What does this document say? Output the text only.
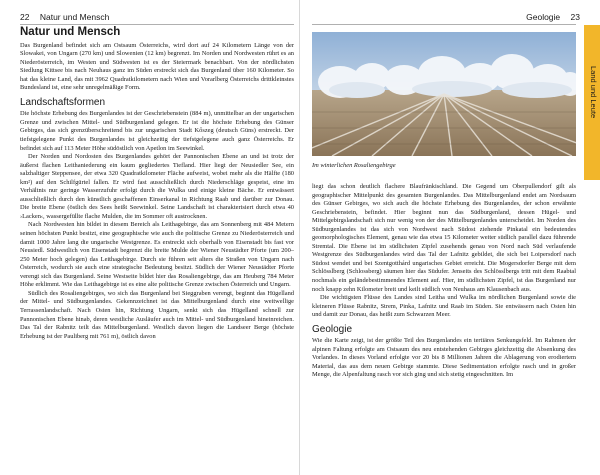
22 Natur und Mensch
Natur und Mensch

Das Burgenland befindet sich am Ostsaum Österreichs, wird dort auf 24 Kilometern Länge von der Slowakei, von Ungarn (270 km) und Slowenien (12 km) begrenzt. Im Norden und Nordwesten rührt es an Niederösterreich, im Westen und Südwesten ist es der Steiermark benachbart. Von der nördlichsten Siedlung Kittsee bis nach Neuhaus ganz im Süden erstreckt sich das Burgenland über 160 Kilometer. So hat das kleine Land, das mit 3962 Quadratkilometern nach Wien und Vorarlberg Österreichs drittkleinstes Bundesland ist, eine sehr unregelmäßige Form.

Landschaftsformen

Die höchste Erhebung des Burgenlandes ist der Geschriebenstein (884 m), unmittelbar an der ungarischen Grenze und zwischen Mittel- und Südburgenland gelegen. Er ist die höchste Erhebung des Günser Gebirges, das sich grenzüberschreitend bis zur ungarischen Stadt Kőszeg (deutsch Güns) erstreckt. Der tiefstgelegene Punkt des Burgenlandes ist gleichzeitig der tiefstgelegene auch ganz Österreichs. Er befindet sich auf 113 Meter Höhe südöstlich von Apetlon im Seewinkel.

Der Norden und Nordosten des Burgenlandes gehört der Pannonischen Ebene an und ist trotz der äußerst flachen Leithaniederung ein kaum gegliedertes Tiefland. Hier liegt der Neusiedler See, ein salzhaltiger Steppensee, der etwa 320 Quadratkilometer Fläche aufweist, wobei mehr als die Hälfte (180 km²) auf den Schilfgürtel fallen. Er wird fast ausschließlich durch Niederschläge gespeist, eine im Verhältnis nur geringe Wasserzufuhr erfolgt durch die Wulka und einige kleine Bäche. Er entwässert ausschließlich durch den künstlich geschaffenen Einserkanal in Richtung Raab und darüber zur Donau. Die breite Ebene (östlich des Sees heißt Seewinkel. Seine Landschaft ist charakterisiert durch etwa 40 ›Lacken‹, wassergefüllte flache Mulden, die im Sommer oft austrocknen.

Nach Nordwesten hin bildet in diesem Bereich als Leithagebirge, das am Sonnenberg mit 484 Metern seinen höchsten Punkt besitzt, eine geographische wie auch die politische Grenze zu Niederösterreich und damit 1000 Jahre lang die ungarische Westgrenze. Es erstreckt sich oberhalb von Eisenstadt bis fast vor Neusiedl. Südwestlich von Eisenstadt begrenzt die breite Mulde der Wiener Neustädter Pforte (um 200–250 Meter hoch gelegen) das Leithagebirge. Durch sie führen seit alters die Straßen von Ungarn nach Österreich, wodurch sie auch eine strategische Bedeutung besitzt. Südlich der Wiener Neustädter Pforte verengt sich das Burgenland. Seine Westseite bildet hier das Rosaliengebirge, das am Heuberg 784 Meter Höhe erklimmt. Wie das Leithagebirge ist es eine alte politische Grenze zwischen Österreich und Ungarn.

Südlich des Rosaliengebirges, wo sich das Burgenland bei Sieggraben verengt, beginnt das Hügelland der Mittel- und Südburgenlandes. Gekennzeichnet ist das Mittelburgenland durch eine weitwellige Terrassenlandschaft. Nach Osten hin, Richtung Ungarn, senkt sich das Hügelland schnell zur Pannonischen Ebene hinab, deren westliche Ausläufer auch im Mittel- und Südburgenland hineinreichen. Das Tal der Rabnitz teilt das Mittelburgenland. Westlich davon liegen die Landseer Berge (höchste Erhebung ist der Pauliberg mit 761 m), östlich davon

Geologie 23
Im winterlichen Rosaliengebirge

liegt das schon deutlich flachere Blaufränkischland. Die Gegend um Oberpullendorf gilt als geographischer Mittelpunkt des gesamten Burgenlandes. Das Mittelburgenland endet am Nordsaum des Günser Gebirges, wo sich auch die höchste Erhebung des Burgenlandes, der schon erwähnte Geschriebenstein, befindet. Hier beginnt nun das Südburgenland, dessen Hügel- und Mittelgebirgslandschaft sich nur wenig von der des Mittelburgenlandes unterscheidet. Im Norden des Südburgenlandes ist das sich von Nordwest nach Südost ziehende Pinkatal ein bedeutendes geomorphologisches Element, genau wie das etwa 15 Kilometer weiter südlich parallel dazu führende Stremtal. Die Ebene ist im südlichsten Zipfel zusehends genau von Nord nach Süd verlaufende Westgrenze des Südburgenlandes wird das Tal der Lafnitz gebildet, die sich bei Loipersdorf nach Südost wendet und bei Szentgotthárd ungarisches Gebiet erreicht. Die Mogersdorfer Berge mit dem Schlösslberg (Schlossberg) säumen hier das Südufer. Jenseits des Schlösslbergs tritt mit dem Raabtal nochmals ein geländebestimmendes Element auf. Hier, im südlichsten Zipfel, ist das Burgenland nur noch knapp zehn Kilometer breit und keilt südlich von Neuhaus am Klausenbach aus.

Die wichtigsten Flüsse des Landes sind Leitha und Wulka im nördlichen Burgenland sowie die kleineren Flüsse Rabnitz, Strem, Pinka, Lafnitz und Raab im Süden. Sie entwässern nach Osten hin und damit zur Donau, das heißt zum Schwarzen Meer.

Geologie

Wie die Karte zeigt, ist der größte Teil des Burgenlandes ein tertiäres Senkungsfeld. Im Rahmen der alpinen Faltung erfolgte am Ostsaum des neu entstehenden Gebirges gleichzeitig die Absenkung des Vorlandes. In dieses Vorland erfolgte vor 20 bis 8 Millionen Jahren die Ablagerung von erodiertem Material, das aus dem neuen Gebirge stammte. Diese Sedimentation erfolgte rasch und in großer Menge, die Alpenfaltung rasch vor sich ging und sich stetig eingeschnitten. Im

Land und Leute
